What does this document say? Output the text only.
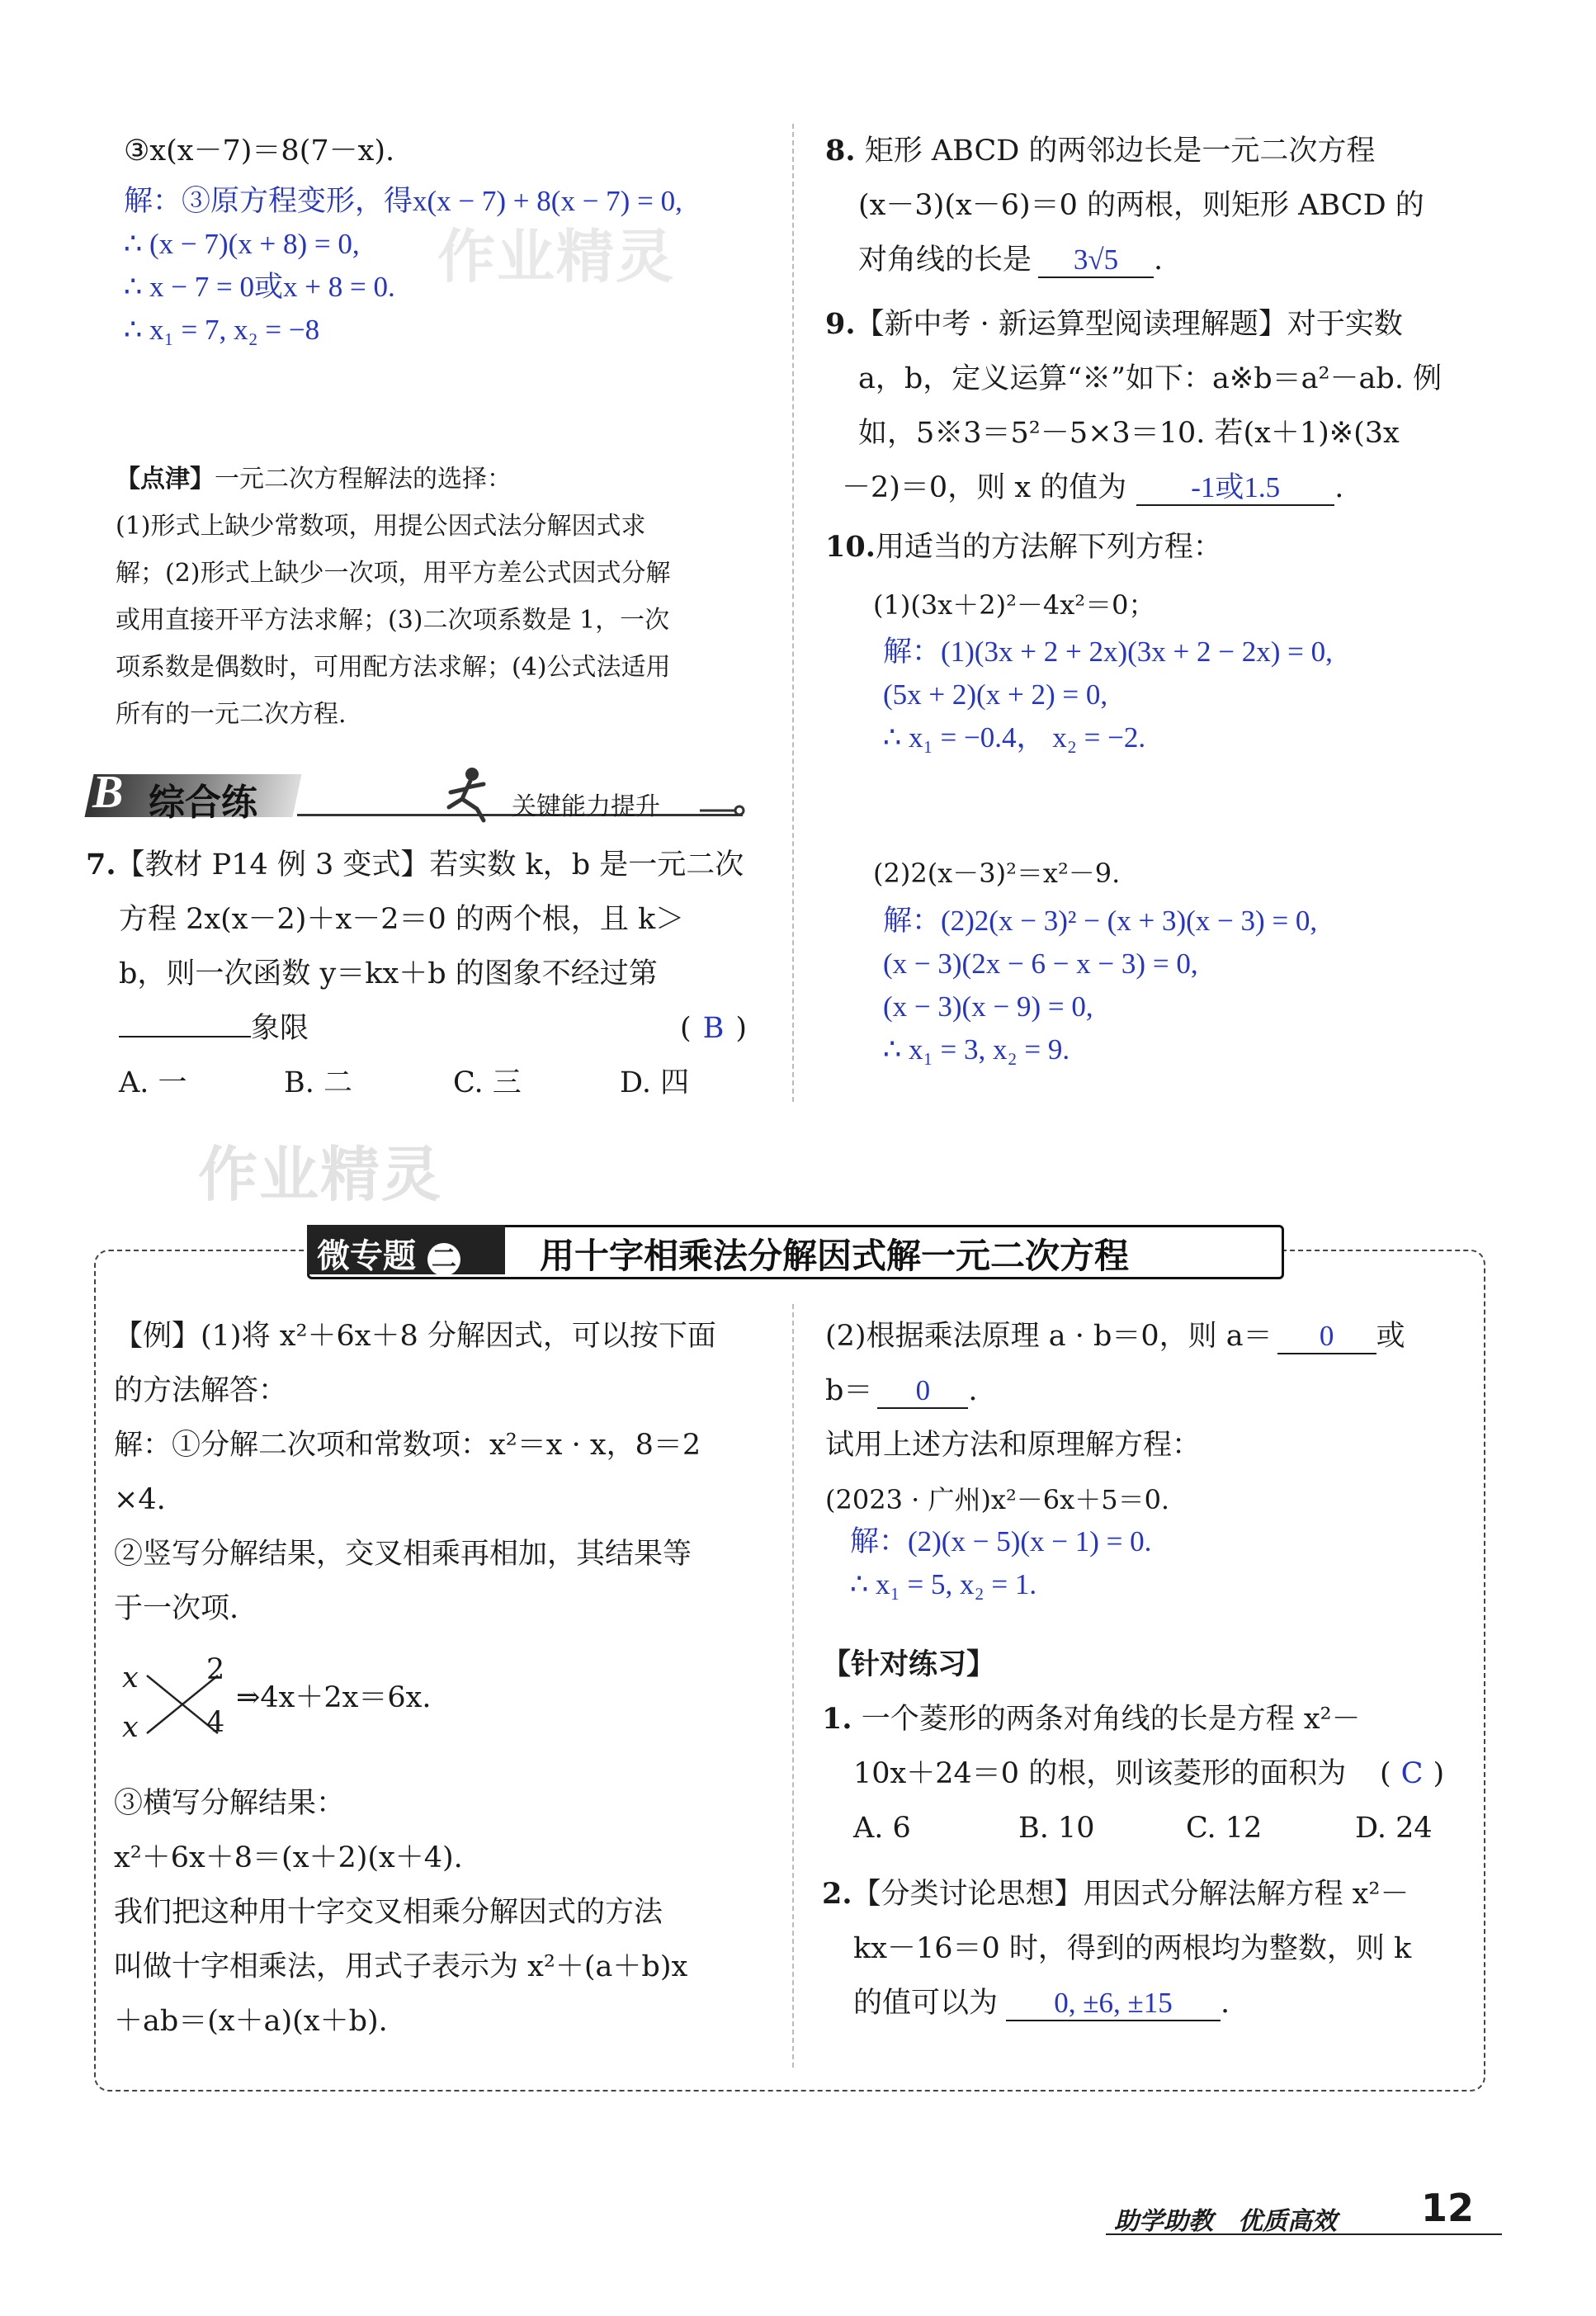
③x(x－7)＝8(7－x).
解：③原方程变形，得x(x − 7) + 8(x − 7) = 0,
∴ (x − 7)(x + 8) = 0,
∴ x − 7 = 0或x + 8 = 0.
∴ x₁ = 7, x₂ = −8
作业精灵
【点津】一元二次方程解法的选择：
(1)形式上缺少常数项，用提公因式法分解因式求
解；(2)形式上缺少一次项，用平方差公式因式分解
或用直接开平方法求解；(3)二次项系数是 1，一次
项系数是偶数时，可用配方法求解；(4)公式法适用
所有的一元二次方程.
B 综合练	关键能力提升
7.【教材 P14 例 3 变式】若实数 k，b 是一元二次
方程 2x(x－2)＋x－2＝0 的两个根，且 k＞
b，则一次函数 y＝kx＋b 的图象不经过第
象限	( B )
A. 一	B. 二	C. 三	D. 四
作业精灵
8. 矩形 ABCD 的两邻边长是一元二次方程
(x－3)(x－6)＝0 的两根，则矩形 ABCD 的
对角线的长是 3√5 .
9.【新中考 · 新运算型阅读理解题】对于实数
a，b，定义运算“※”如下：a※b＝a²－ab. 例
如，5※3＝5²－5×3＝10. 若(x＋1)※(3x
－2)＝0，则 x 的值为 -1或1.5 .
10.用适当的方法解下列方程：
(1)(3x＋2)²－4x²＝0；
解：(1)(3x + 2 + 2x)(3x + 2 − 2x) = 0,
(5x + 2)(x + 2) = 0,
∴ x₁ = −0.4， x₂ = −2.
(2)2(x－3)²＝x²－9.
解：(2)2(x − 3)² − (x + 3)(x − 3) = 0,
(x − 3)(2x − 6 − x − 3) = 0,
(x − 3)(x − 9) = 0,
∴ x₁ = 3, x₂ = 9.
微专题 二 用十字相乘法分解因式解一元二次方程
【例】(1)将 x²＋6x＋8 分解因式，可以按下面
的方法解答：
解：①分解二次项和常数项：x²＝x · x，8＝2
×4.
②竖写分解结果，交叉相乘再相加，其结果等
于一次项.
x
x
2
4
⇒4x＋2x＝6x.
③横写分解结果：
x²＋6x＋8＝(x＋2)(x＋4).
我们把这种用十字交叉相乘分解因式的方法
叫做十字相乘法，用式子表示为 x²＋(a＋b)x
＋ab＝(x＋a)(x＋b).
(2)根据乘法原理 a · b＝0，则 a＝ 0 或
b＝ 0 .
试用上述方法和原理解方程：
(2023 · 广州)x²－6x＋5＝0.
解：(2)(x − 5)(x − 1) = 0.
∴ x₁ = 5, x₂ = 1.
【针对练习】
1. 一个菱形的两条对角线的长是方程 x²－
10x＋24＝0 的根，则该菱形的面积为 ( C )
A. 6	B. 10	C. 12	D. 24
2.【分类讨论思想】用因式分解法解方程 x²－
kx－16＝0 时，得到的两根均为整数，则 k
的值可以为 0, ±6, ±15 .
助学助教　优质高效 12
